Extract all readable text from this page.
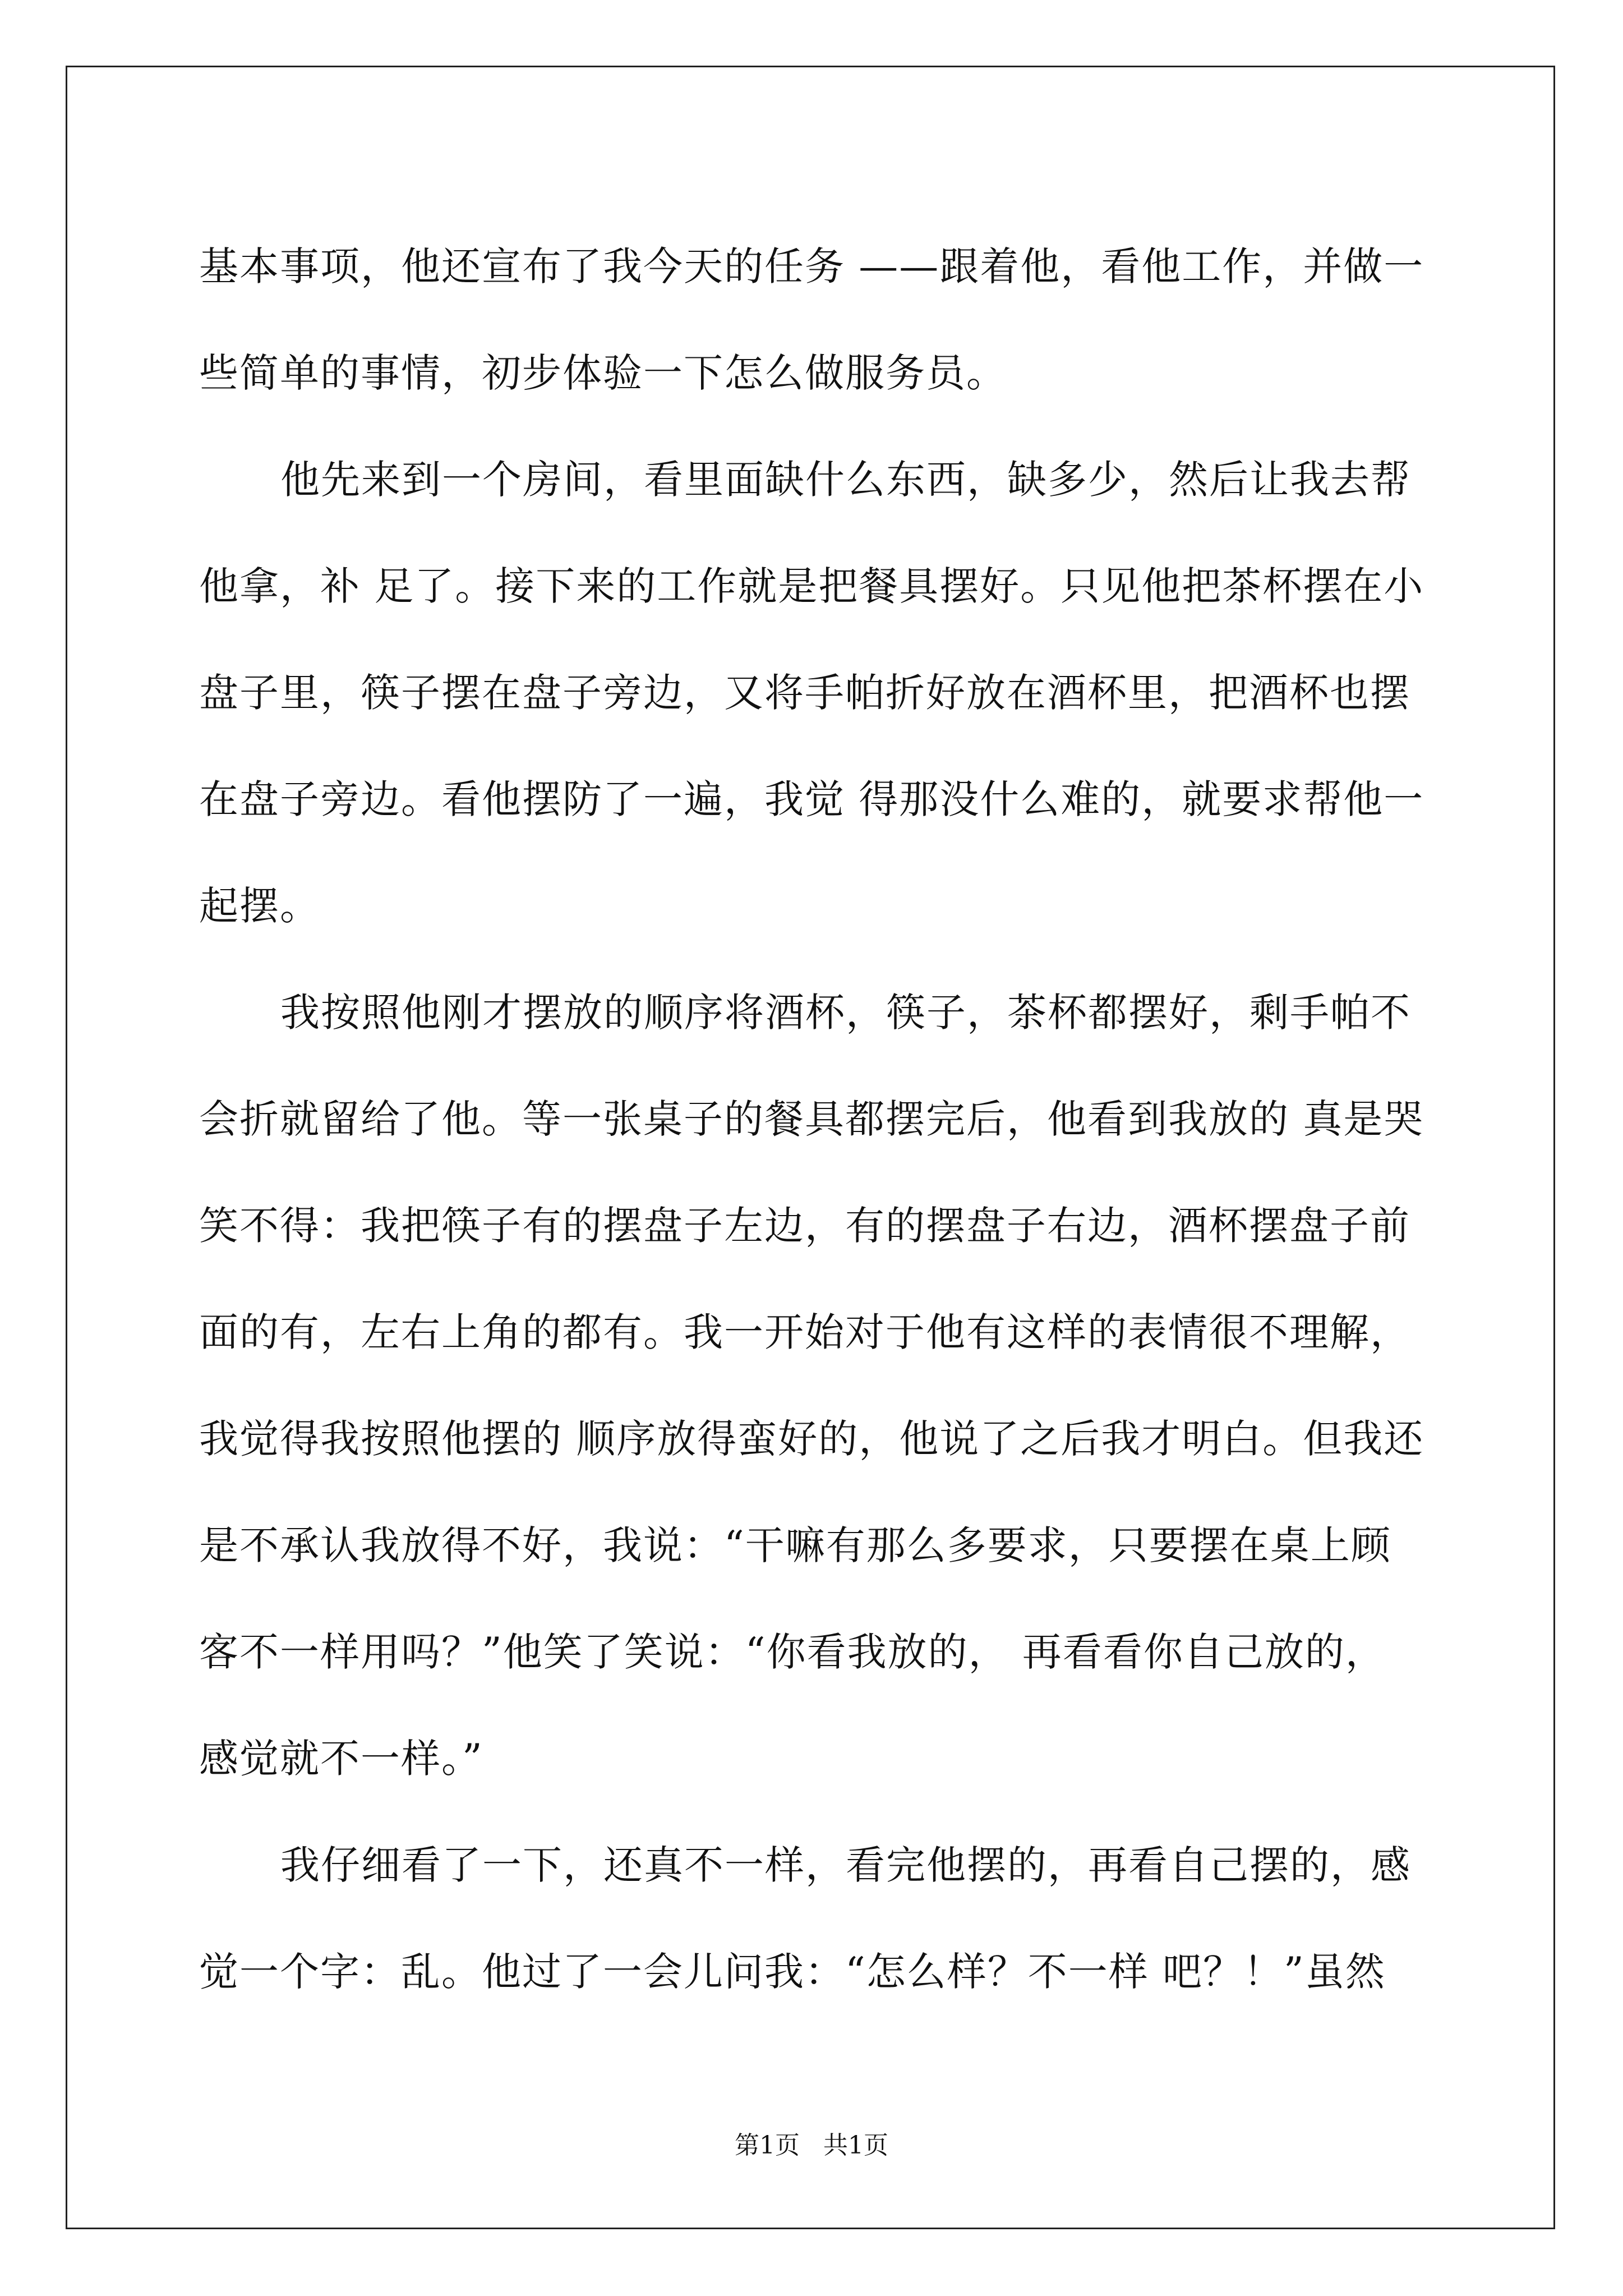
基本事项，他还宣布了我今天的任务 ——跟着他，看他工作，并做一
些简单的事情，初步体验一下怎么做服务员。
他先来到一个房间，看里面缺什么东西，缺多少，然后让我去帮
他拿，补 足了。接下来的工作就是把餐具摆好。只见他把茶杯摆在小
盘子里，筷子摆在盘子旁边，又将手帕折好放在酒杯里，把酒杯也摆
在盘子旁边。看他摆防了一遍，我觉 得那没什么难的，就要求帮他一
起摆。
我按照他刚才摆放的顺序将酒杯，筷子，茶杯都摆好，剩手帕不
会折就留给了他。等一张桌子的餐具都摆完后，他看到我放的 真是哭
笑不得：我把筷子有的摆盘子左边，有的摆盘子右边，酒杯摆盘子前
面的有，左右上角的都有。我一开始对于他有这样的表情很不理解，
我觉得我按照他摆的 顺序放得蛮好的，他说了之后我才明白。但我还
是不承认我放得不好，我说：“干嘛有那么多要求，只要摆在桌上顾
客不一样用吗？”他笑了笑说：“你看我放的， 再看看你自己放的，
感觉就不一样。”
我仔细看了一下，还真不一样，看完他摆的，再看自己摆的，感
觉一个字：乱。他过了一会儿问我：“怎么样？不一样 吧？！”虽然
第1页   共1页
